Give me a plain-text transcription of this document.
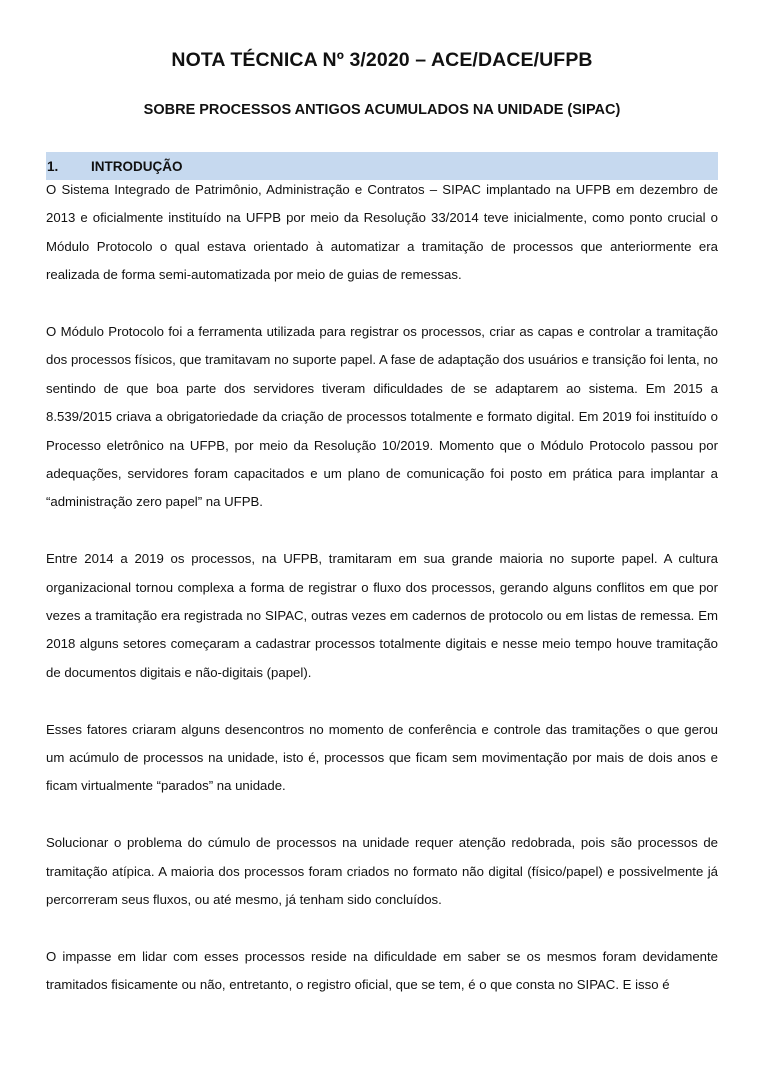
NOTA TÉCNICA Nº 3/2020 – ACE/DACE/UFPB
SOBRE PROCESSOS ANTIGOS ACUMULADOS NA UNIDADE (SIPAC)
1.	INTRODUÇÃO

O Sistema Integrado de Patrimônio, Administração e Contratos – SIPAC implantado na UFPB em dezembro de 2013 e oficialmente instituído na UFPB por meio da Resolução 33/2014 teve inicialmente, como ponto crucial o Módulo Protocolo o qual estava orientado à automatizar a tramitação de processos que anteriormente era realizada de forma semi-automatizada por meio de guias de remessas.

O Módulo Protocolo foi a ferramenta utilizada para registrar os processos, criar as capas e controlar a tramitação dos processos físicos, que tramitavam no suporte papel. A fase de adaptação dos usuários e transição foi lenta, no sentindo de que boa parte dos servidores tiveram dificuldades de se adaptarem ao sistema. Em 2015 a 8.539/2015 criava a obrigatoriedade da criação de processos totalmente e formato digital. Em 2019 foi instituído o Processo eletrônico na UFPB, por meio da Resolução 10/2019. Momento que o Módulo Protocolo passou por adequações, servidores foram capacitados e um plano de comunicação foi posto em prática para implantar a “administração zero papel” na UFPB.

Entre 2014 a 2019 os processos, na UFPB, tramitaram em sua grande maioria no suporte papel. A cultura organizacional tornou complexa a forma de registrar o fluxo dos processos, gerando alguns conflitos em que por vezes a tramitação era registrada no SIPAC, outras vezes em cadernos de protocolo ou em listas de remessa. Em 2018 alguns setores começaram a cadastrar processos totalmente digitais e nesse meio tempo houve tramitação de documentos digitais e não-digitais (papel).

Esses fatores criaram alguns desencontros no momento de conferência e controle das tramitações o que gerou um acúmulo de processos na unidade, isto é, processos que ficam sem movimentação por mais de dois anos e ficam virtualmente “parados” na unidade.

Solucionar o problema do cúmulo de processos na unidade requer atenção redobrada, pois são processos de tramitação atípica. A maioria dos processos foram criados no formato não digital (físico/papel) e possivelmente já percorreram seus fluxos, ou até mesmo, já tenham sido concluídos.

O impasse em lidar com esses processos reside na dificuldade em saber se os mesmos foram devidamente tramitados fisicamente ou não, entretanto, o registro oficial, que se tem, é o que consta no SIPAC. E isso é
